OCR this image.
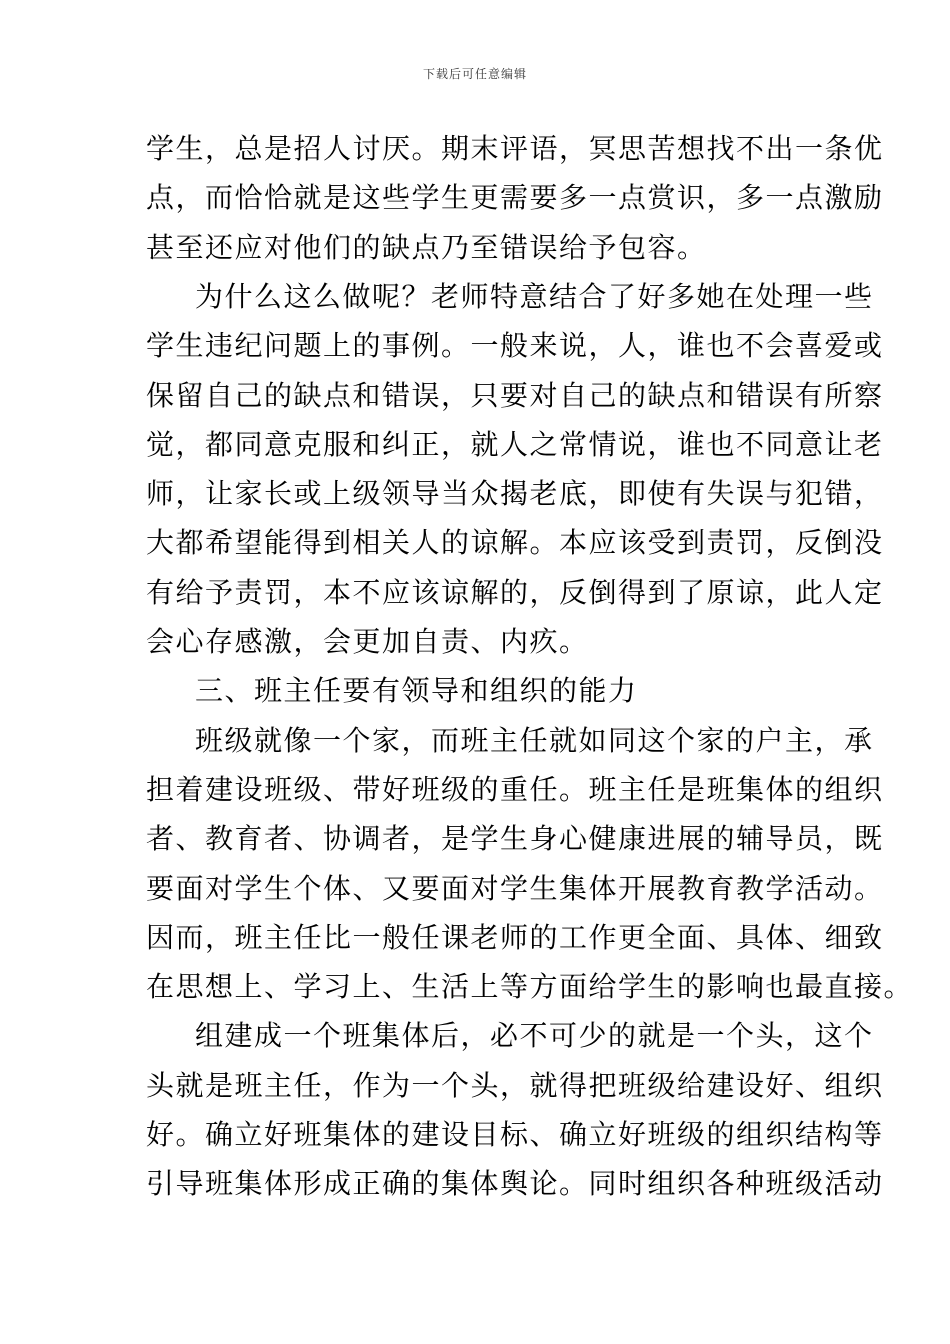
下载后可任意编辑
学生，总是招人讨厌。期末评语，冥思苦想找不出一条优
点，而恰恰就是这些学生更需要多一点赏识，多一点激励
甚至还应对他们的缺点乃至错误给予包容。
为什么这么做呢？老师特意结合了好多她在处理一些
学生违纪问题上的事例。一般来说，人，谁也不会喜爱或
保留自己的缺点和错误，只要对自己的缺点和错误有所察
觉，都同意克服和纠正，就人之常情说，谁也不同意让老
师，让家长或上级领导当众揭老底，即使有失误与犯错，
大都希望能得到相关人的谅解。本应该受到责罚，反倒没
有给予责罚，本不应该谅解的，反倒得到了原谅，此人定
会心存感激，会更加自责、内疚。
三、班主任要有领导和组织的能力
班级就像一个家，而班主任就如同这个家的户主，承
担着建设班级、带好班级的重任。班主任是班集体的组织
者、教育者、协调者，是学生身心健康进展的辅导员，既
要面对学生个体、又要面对学生集体开展教育教学活动。
因而，班主任比一般任课老师的工作更全面、具体、细致
在思想上、学习上、生活上等方面给学生的影响也最直接。
组建成一个班集体后，必不可少的就是一个头，这个
头就是班主任，作为一个头，就得把班级给建设好、组织
好。确立好班集体的建设目标、确立好班级的组织结构等
引导班集体形成正确的集体舆论。同时组织各种班级活动
